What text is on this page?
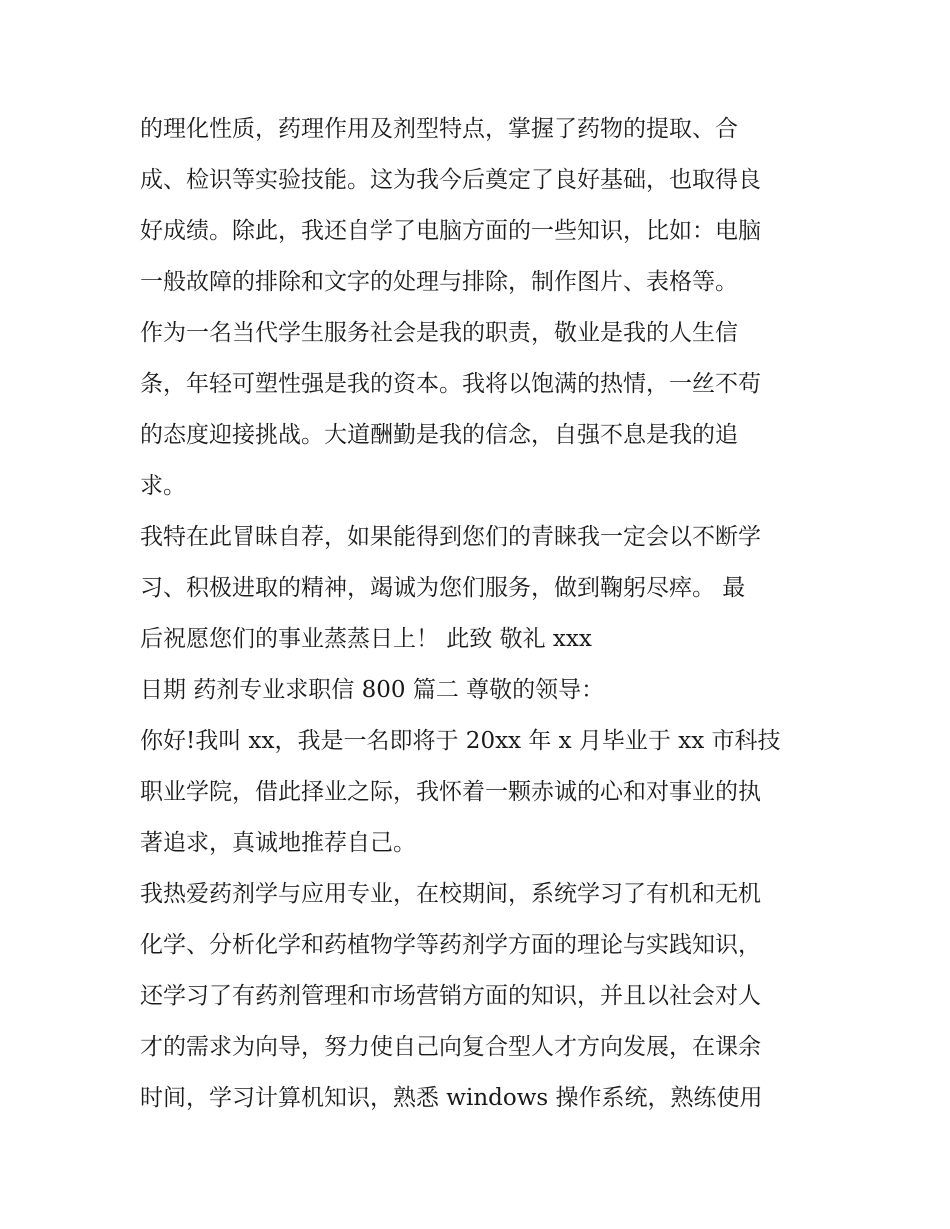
的理化性质，药理作用及剂型特点，掌握了药物的提取、合

成、检识等实验技能。这为我今后奠定了良好基础，也取得良

好成绩。除此，我还自学了电脑方面的一些知识，比如：电脑

一般故障的排除和文字的处理与排除，制作图片、表格等。

作为一名当代学生服务社会是我的职责，敬业是我的人生信

条，年轻可塑性强是我的资本。我将以饱满的热情，一丝不苟

的态度迎接挑战。大道酬勤是我的信念，自强不息是我的追

求。

我特在此冒昧自荐，如果能得到您们的青睐我一定会以不断学

习、积极进取的精神，竭诚为您们服务，做到鞠躬尽瘁。 最

后祝愿您们的事业蒸蒸日上！ 此致 敬礼 xxx

日期 药剂专业求职信 800 篇二 尊敬的领导：

你好!我叫 xx，我是一名即将于 20xx 年 x 月毕业于 xx 市科技

职业学院，借此择业之际，我怀着一颗赤诚的心和对事业的执

著追求，真诚地推荐自己。

我热爱药剂学与应用专业，在校期间，系统学习了有机和无机

化学、分析化学和药植物学等药剂学方面的理论与实践知识，

还学习了有药剂管理和市场营销方面的知识，并且以社会对人

才的需求为向导，努力使自己向复合型人才方向发展，在课余

时间，学习计算机知识，熟悉 windows 操作系统，熟练使用
